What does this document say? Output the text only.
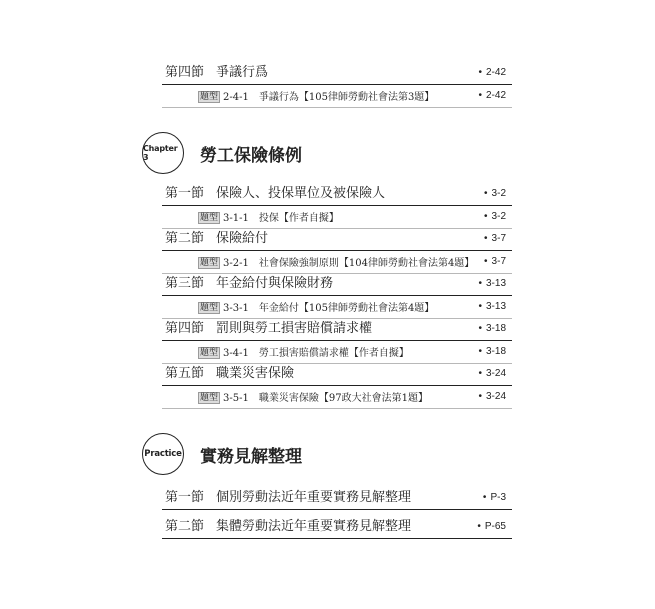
第四節 爭議行爲	• 2-42
題型 2-4-1　爭議行為【105律師勞動社會法第3題】	• 2-42
Chapter 3	勞工保險條例
第一節 保險人、投保單位及被保險人	• 3-2
題型 3-1-1　投保【作者自擬】	• 3-2
第二節 保險給付	• 3-7
題型 3-2-1　社會保險強制原則【104律師勞動社會法第4題】 • 3-7
第三節 年金給付與保險財務	• 3-13
題型 3-3-1　年金給付【105律師勞動社會法第4題】	• 3-13
第四節 罰則與勞工損害賠償請求權	• 3-18
題型 3-4-1　勞工損害賠償請求權【作者自擬】	• 3-18
第五節 職業災害保險	• 3-24
題型 3-5-1　職業災害保險【97政大社會法第1題】	• 3-24
Practice 實務見解整理
第一節 個別勞動法近年重要實務見解整理	• P-3
第二節 集體勞動法近年重要實務見解整理	• P-65
